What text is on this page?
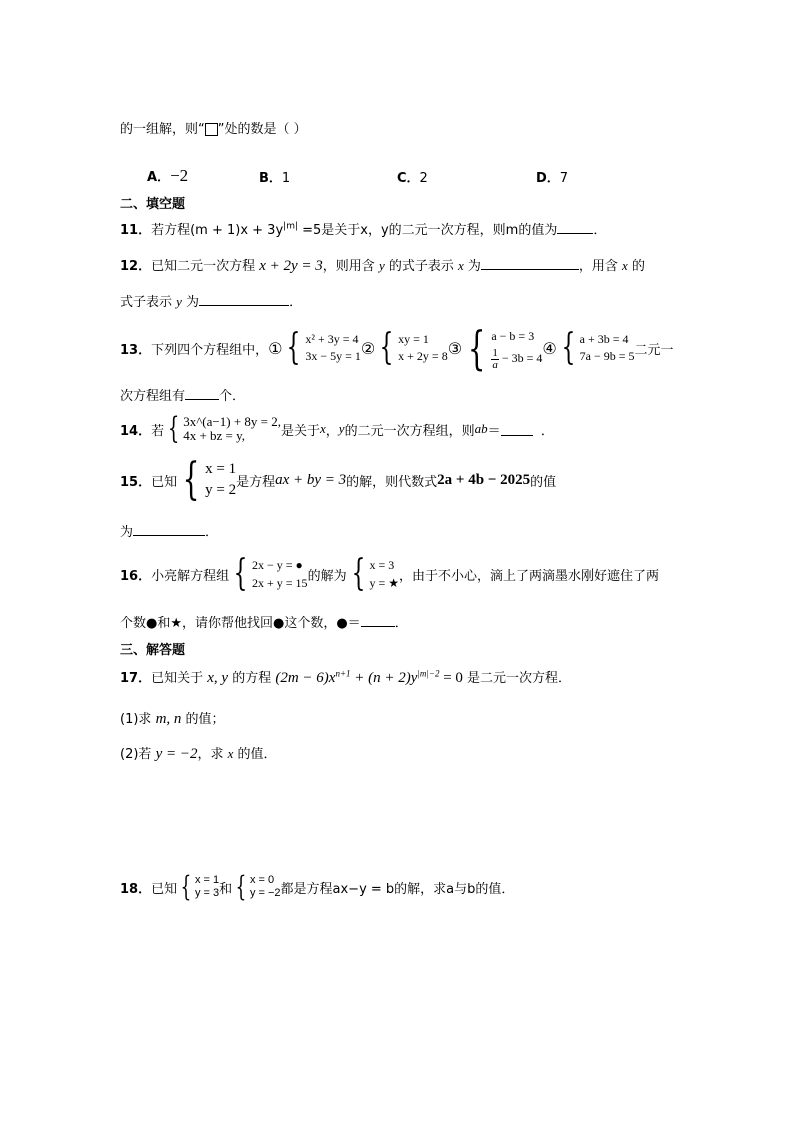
的一组解，则“ ”处的数是（ ）
A．−2	B．1	C．2	D．7
二、填空题
11．若方程$(m + 1)x + 3y^{|m|} =5$是关于x，y的二元一次方程，则m的值为	．
12．已知二元一次方程 x + 2y = 3，则用含 y 的式子表示 x 为	，用含 x 的
式子表示 y 为	．
13． 下列四个方程组中， ① { x² + 3y = 4
3x − 5y = 1 ② { xy = 1
x + 2y = 8 ③ { a − b = 3
$\frac{1}{a} - 3b = 4$
④ { a + 3b = 4
7a − 9b = 5 二元一
次方程组有	个．
14． 若 { 3x^(a−1) + 8y = 2,
4x + bz = y,	是关于 x ， y 的二元一次方程组，则 ab ＝
	．
15． 已知 { x = 1
y = 2 是方程 ax + by = 3 的解，则代数式 2a + 4b − 2025 的值
为	．
16． 小亮解方程组 { 2x − y = ●
2x + y = 15 的解为 { x = 3
y = ★ ，由于不小心，滴上了两滴墨水刚好遮住了两
个数●和★，请你帮他找回●这个数，●＝	．
三、解答题
17．已知关于 x, y 的方程 $(2m - 6)x^{n+1} + (n + 2)y^{|m|-2} = 0$ 是二元一次方程．
(1)求 m, n 的值；
(2)若 y = −2，求 x 的值．
18． 已知 { x = 1
y = 3 和 { x = 0
y = −2 都是方程ax−y = b的解，求a与b的值．
